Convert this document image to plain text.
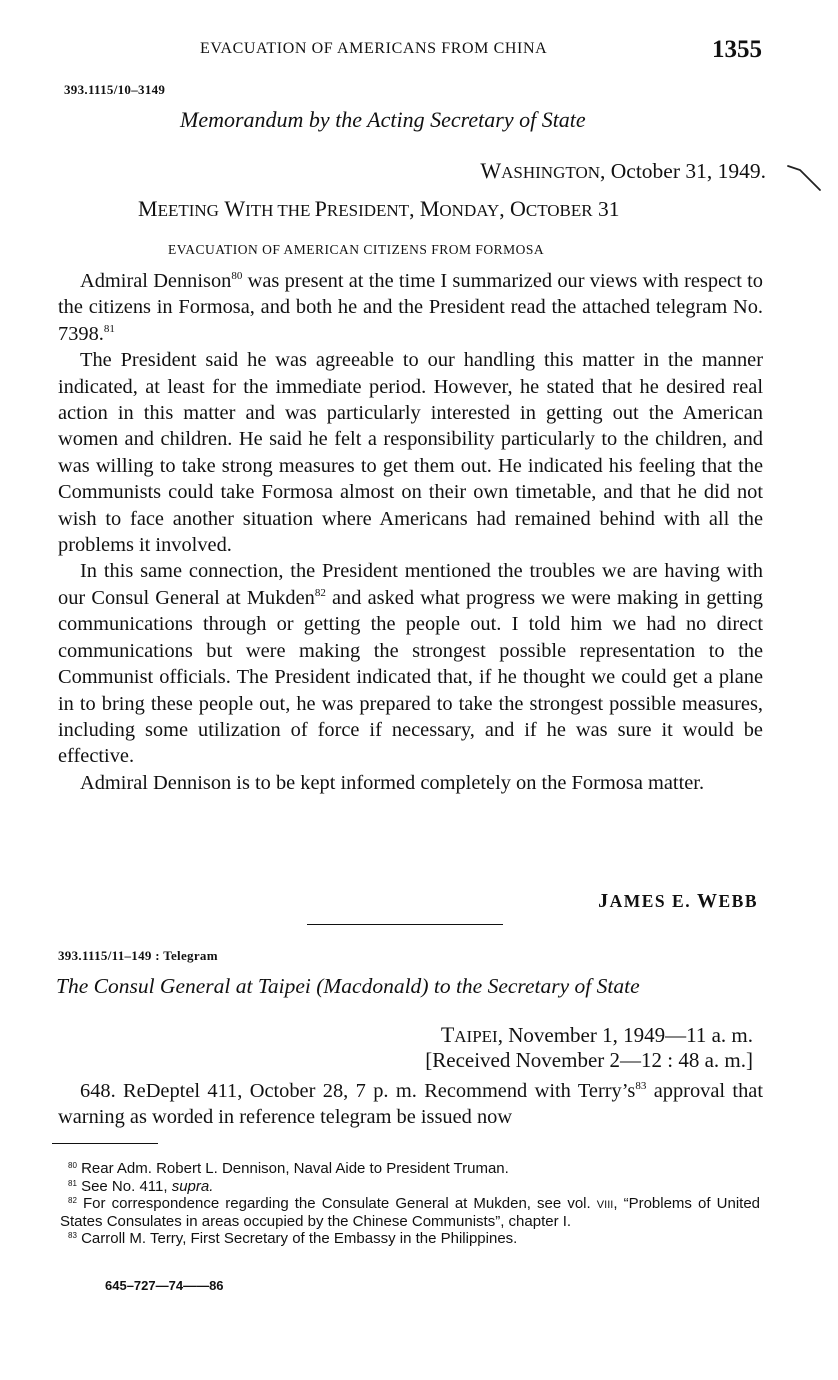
EVACUATION OF AMERICANS FROM CHINA	1355
393.1115/10–3149
Memorandum by the Acting Secretary of State
WASHINGTON, October 31, 1949.
MEETING WITH THE PRESIDENT, MONDAY, OCTOBER 31
EVACUATION OF AMERICAN CITIZENS FROM FORMOSA

Admiral Dennison$^{80}$ was present at the time I summarized our views with respect to the citizens in Formosa, and both he and the President read the attached telegram No. 7398.81

The President said he was agreeable to our handling this matter in the manner indicated, at least for the immediate period. However, he stated that he desired real action in this matter and was particularly interested in getting out the American women and children. He said he felt a responsibility particularly to the children, and was willing to take strong measures to get them out. He indicated his feeling that the Communists could take Formosa almost on their own timetable, and that he did not wish to face another situation where Americans had remained behind with all the problems it involved.

In this same connection, the President mentioned the troubles we are having with our Consul General at Mukden$^{82}$ and asked what progress we were making in getting communications through or getting the people out. I told him we had no direct communications but were making the strongest possible representation to the Communist officials. The President indicated that, if he thought we could get a plane in to bring these people out, he was prepared to take the strongest possible measures, including some utilization of force if necessary, and if he was sure it would be effective.

Admiral Dennison is to be kept informed completely on the Formosa matter.

JAMES E. WEBB
393.1115/11–149 : Telegram
The Consul General at Taipei (Macdonald) to the Secretary of State
TAIPEI, November 1, 1949—11 a. m.
[Received November 2—12 : 48 a. m.]

648. ReDeptel 411, October 28, 7 p. m. Recommend with $Terry’s^{83}$ approval that warning as worded in reference telegram be issued now

$^{80}$ Rear Adm. Robert L. Dennison, Naval Aide to President Truman.

$^{81}$ See No. 411, supra.

$^{82}$ For correspondence regarding the Consulate General at Mukden, see vol. viii, “Problems of United States Consulates in areas occupied by the Chinese Communists”, chapter I.

$^{83}$ Carroll M. Terry, First Secretary of the Embassy in the Philippines.

645–727—74——86
